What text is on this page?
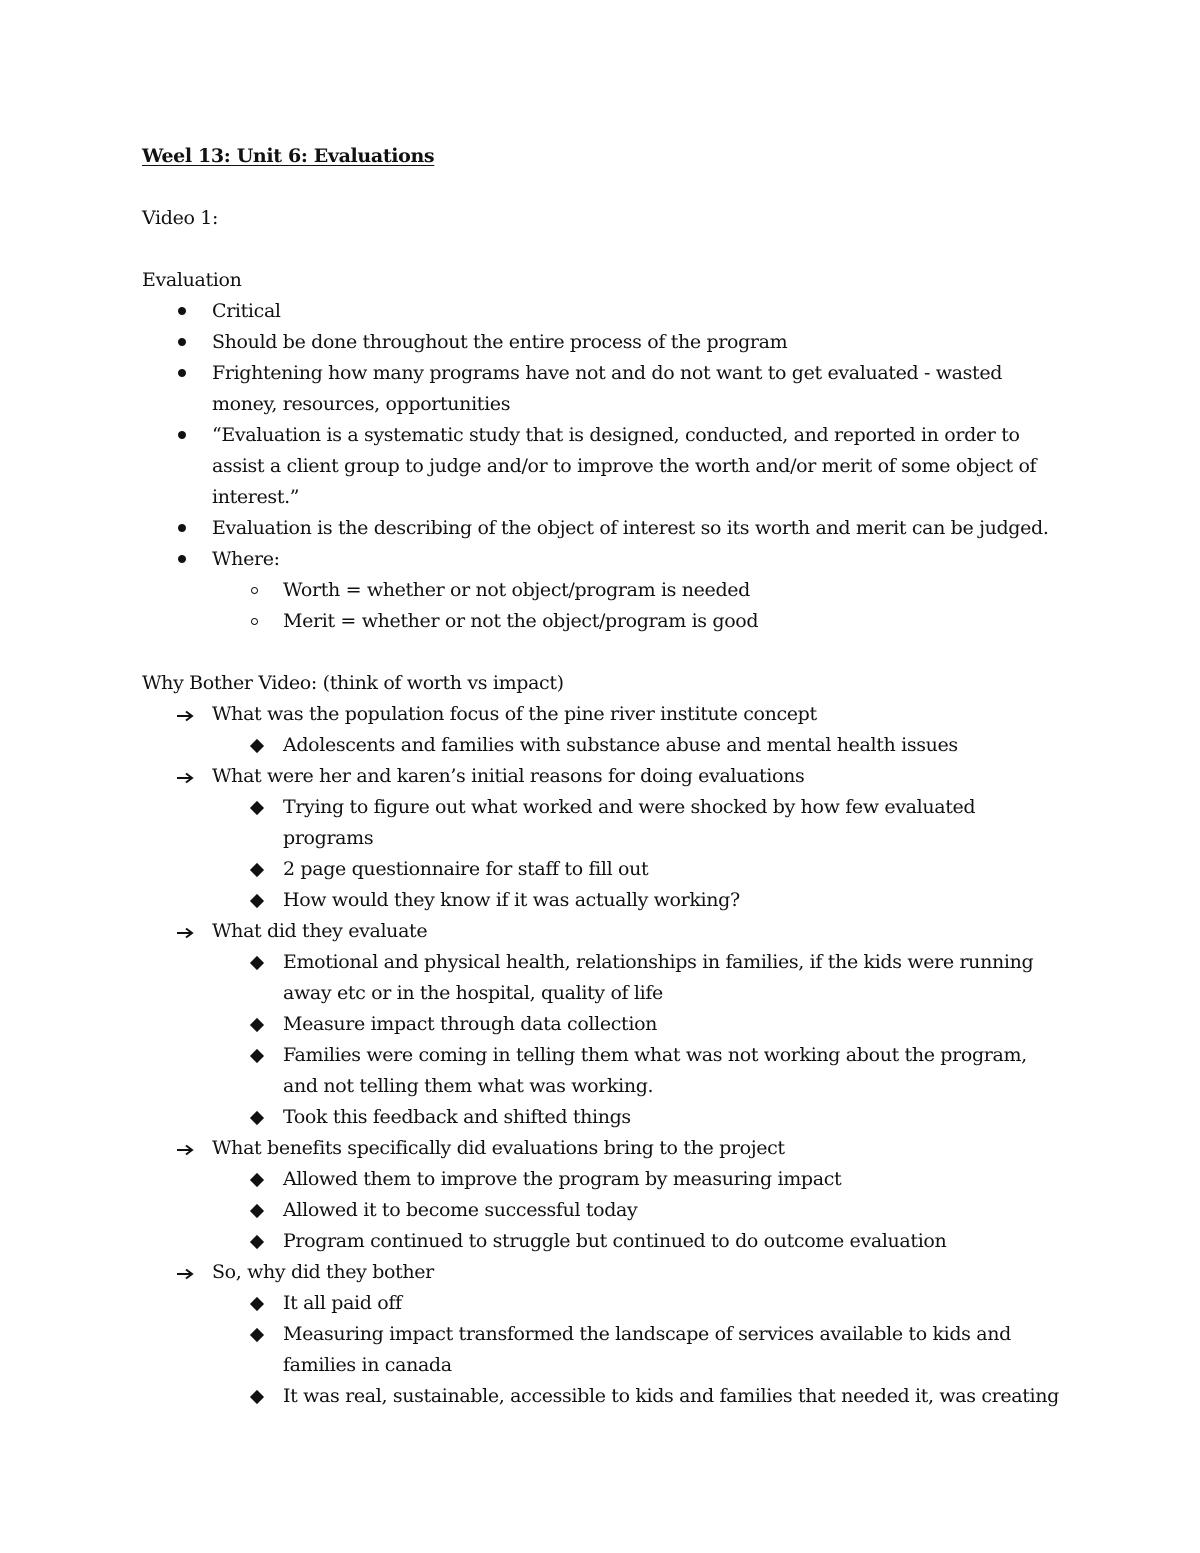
Weel 13: Unit 6: Evaluations
Video 1:
Evaluation
Critical
Should be done throughout the entire process of the program
Frightening how many programs have not and do not want to get evaluated - wasted
money, resources, opportunities
“Evaluation is a systematic study that is designed, conducted, and reported in order to
assist a client group to judge and/or to improve the worth and/or merit of some object of
interest.”
Evaluation is the describing of the object of interest so its worth and merit can be judged.
Where:
Worth = whether or not object/program is needed
Merit = whether or not the object/program is good
Why Bother Video: (think of worth vs impact)
What was the population focus of the pine river institute concept
Adolescents and families with substance abuse and mental health issues
What were her and karen’s initial reasons for doing evaluations
Trying to figure out what worked and were shocked by how few evaluated
programs
2 page questionnaire for staff to fill out
How would they know if it was actually working?
What did they evaluate
Emotional and physical health, relationships in families, if the kids were running
away etc or in the hospital, quality of life
Measure impact through data collection
Families were coming in telling them what was not working about the program,
and not telling them what was working.
Took this feedback and shifted things
What benefits specifically did evaluations bring to the project
Allowed them to improve the program by measuring impact
Allowed it to become successful today
Program continued to struggle but continued to do outcome evaluation
So, why did they bother
It all paid off
Measuring impact transformed the landscape of services available to kids and
families in canada
It was real, sustainable, accessible to kids and families that needed it, was creating
